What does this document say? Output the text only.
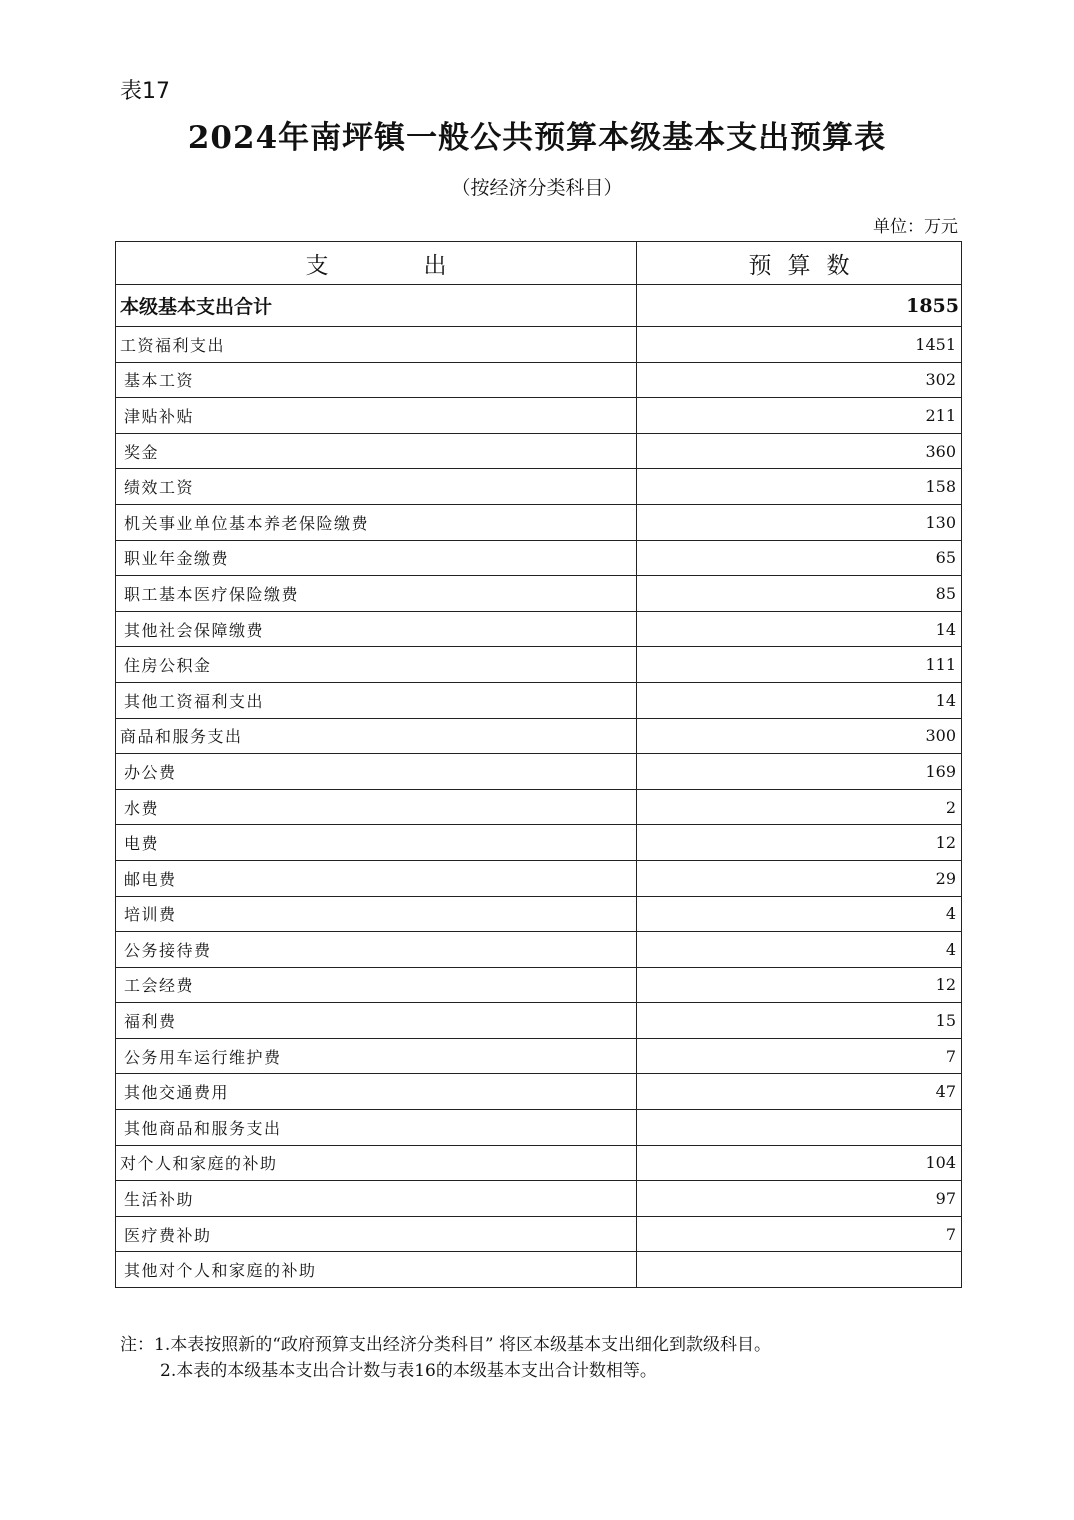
表17
2024年南坪镇一般公共预算本级基本支出预算表
（按经济分类科目）
单位：万元
支出	预算数
本级基本支出合计	1855
工资福利支出	1451
基本工资	302
津贴补贴	211
奖金	360
绩效工资	158
机关事业单位基本养老保险缴费	130
职业年金缴费	65
职工基本医疗保险缴费	85
其他社会保障缴费	14
住房公积金	111
其他工资福利支出	14
商品和服务支出	300
办公费	169
水费	2
电费	12
邮电费	29
培训费	4
公务接待费	4
工会经费	12
福利费	15
公务用车运行维护费	7
其他交通费用	47
其他商品和服务支出	
对个人和家庭的补助	104
生活补助	97
医疗费补助	7
其他对个人和家庭的补助	
注：1.本表按照新的“政府预算支出经济分类科目” 将区本级基本支出细化到款级科目。
2.本表的本级基本支出合计数与表16的本级基本支出合计数相等。
